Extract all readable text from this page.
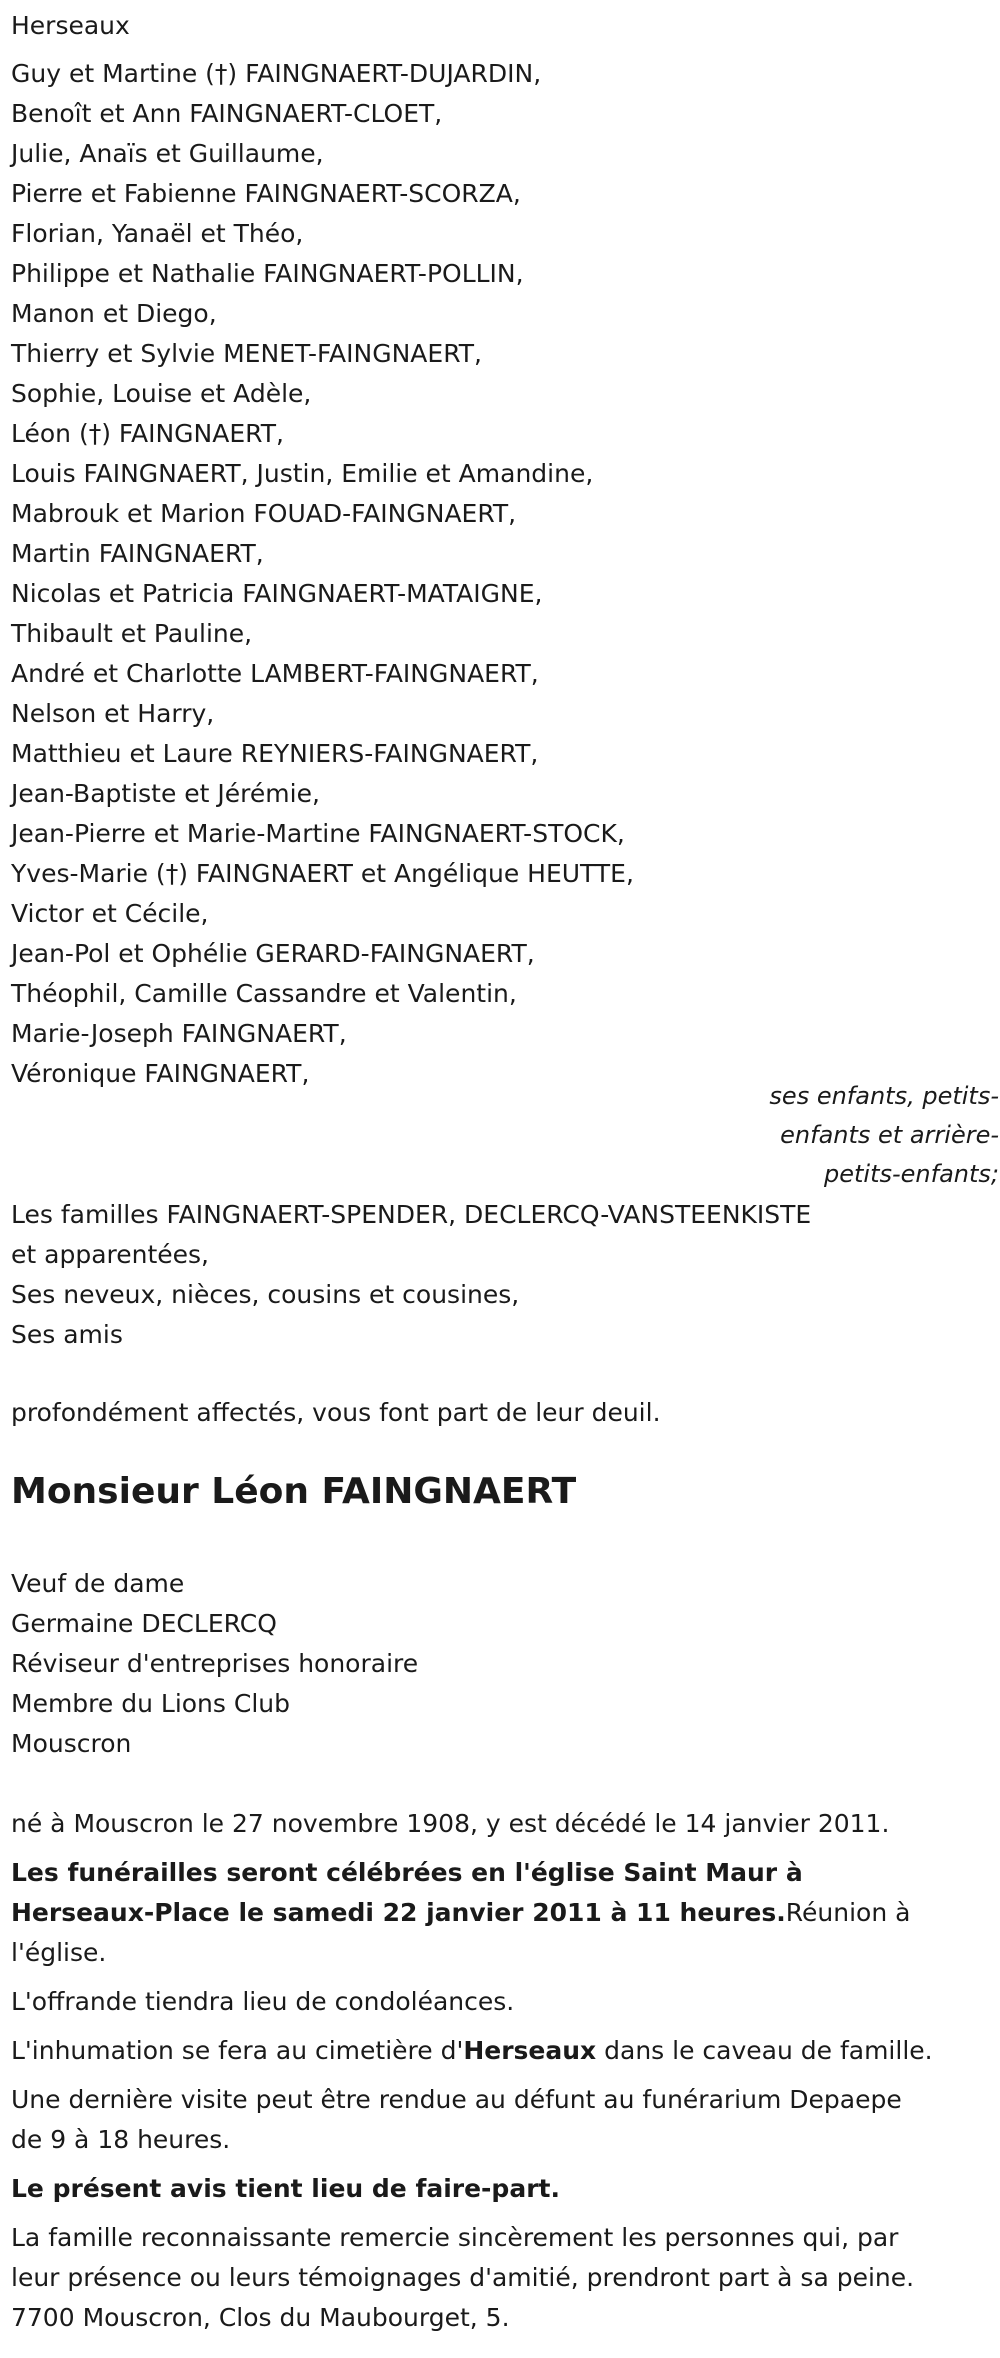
Herseaux
Guy et Martine (†) FAINGNAERT-DUJARDIN,
Benoît et Ann FAINGNAERT-CLOET,
Julie, Anaïs et Guillaume,
Pierre et Fabienne FAINGNAERT-SCORZA,
Florian, Yanaël et Théo,
Philippe et Nathalie FAINGNAERT-POLLIN,
Manon et Diego,
Thierry et Sylvie MENET-FAINGNAERT,
Sophie, Louise et Adèle,
Léon (†) FAINGNAERT,
Louis FAINGNAERT, Justin, Emilie et Amandine,
Mabrouk et Marion FOUAD-FAINGNAERT,
Martin FAINGNAERT,
Nicolas et Patricia FAINGNAERT-MATAIGNE,
Thibault et Pauline,
André et Charlotte LAMBERT-FAINGNAERT,
Nelson et Harry,
Matthieu et Laure REYNIERS-FAINGNAERT,
Jean-Baptiste et Jérémie,
Jean-Pierre et Marie-Martine FAINGNAERT-STOCK,
Yves-Marie (†) FAINGNAERT et Angélique HEUTTE,
Victor et Cécile,
Jean-Pol et Ophélie GERARD-FAINGNAERT,
Théophil, Camille Cassandre et Valentin,
Marie-Joseph FAINGNAERT,
Véronique FAINGNAERT,
ses enfants, petits-
enfants et arrière-
petits-enfants;
Les familles FAINGNAERT-SPENDER, DECLERCQ-VANSTEENKISTE
et apparentées,
Ses neveux, nièces, cousins et cousines,
Ses amis
profondément affectés, vous font part de leur deuil.
Monsieur Léon FAINGNAERT
Veuf de dame
Germaine DECLERCQ
Réviseur d'entreprises honoraire
Membre du Lions Club
Mouscron

né à Mouscron le 27 novembre 1908, y est décédé le 14 janvier 2011.

Les funérailles seront célébrées en l'église Saint Maur à
Herseaux-Place le samedi 22 janvier 2011 à 11 heures.Réunion à l'église.

L'offrande tiendra lieu de condoléances.

L'inhumation se fera au cimetière d'Herseaux dans le caveau de famille.

Une dernière visite peut être rendue au défunt au funérarium Depaepe
de 9 à 18 heures.

Le présent avis tient lieu de faire-part.

La famille reconnaissante remercie sincèrement les personnes qui, par
leur présence ou leurs témoignages d'amitié, prendront part à sa peine.

7700 Mouscron, Clos du Maubourget, 5.
